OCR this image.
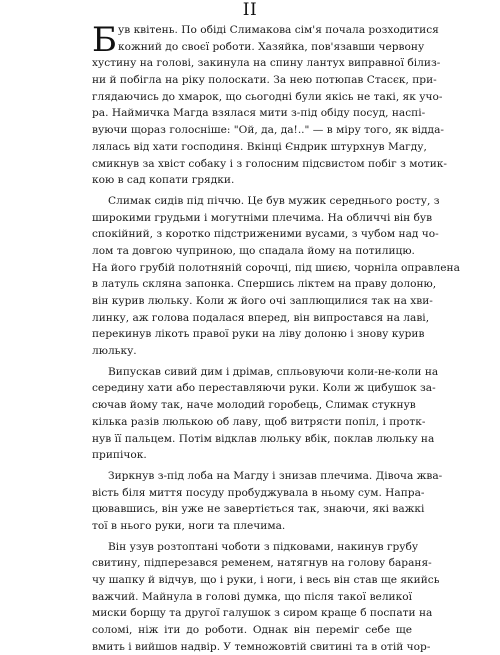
II
Б ув квітень. По обіді Слимакова сім'я почала розходитися
кожний до своєї роботи. Хазяйка, пов'язавши червону
хустину на голові, закинула на спину лантух виправної білиз-
ни й побігла на ріку полоскати. За нею потюпав Стасєк, при-
глядаючись до хмарок, що сьогодні були якісь не такі, як учо-
ра. Наймичка Магда взялася мити з-під обіду посуд, наспі-
вуючи щораз голосніше: "Ой, да, да!.." — в міру того, як віддa-
лялась від хати господиня. Вкінці Єндрик штурхнув Магду,
смикнув за хвіст собаку і з голосним підсвистом побіг з мотик-
кою в сад копати грядки.
Слимак сидів під піччю. Це був мужик середнього росту, з
широкими грудьми і могутніми плечима. На обличчі він був
спокійний, з коротко підстриженими вусами, з чубом над чо-
лом та довгою чуприною, що спадала йому на потилицю.
На його грубій полотняній сорочці, під шиєю, чорніла оправлена
в латуль скляна запонка. Спершись ліктем на праву долоню,
він курив люльку. Коли ж його очі заплющилися так на хви-
линку, аж голова подалася вперед, він випростався на лаві,
перекинув лікоть правої руки на ліву долоню і знову курив
люльку.
Випускав сивий дим і дрімав, спльовуючи коли-не-коли на
середину хати або переставляючи руки. Коли ж цибушок за-
сючав йому так, наче молодий горобець, Слимак стукнув
кілька разів люлькою об лаву, щоб витрясти попіл, і протк-
нув її пальцем. Потім відклав люльку вбік, поклав люльку на
припічок.
Зиркнув з-під лоба на Магду і знизав плечима. Дівоча жва-
вість біля миття посуду пробуджувала в ньому сум. Напра-
цювавшись, він уже не завертіється так, знаючи, які важкі
тої в нього руки, ноги та плечима.
Він узув розтоптані чоботи з підковами, накинув грубу
свитину, підперезався ременем, натягнув на голову бараня-
чу шапку й відчув, що і руки, і ноги, і весь він став ще якийсь
важчий. Майнула в голові думка, що після такої великої
миски борщу та другої галушок з сиром краще б поспати на
соломі, ніж іти до роботи. Однак він переміг себе ще
вмить і вийшов надвір. У темножовтій свитині та в отій чор-
